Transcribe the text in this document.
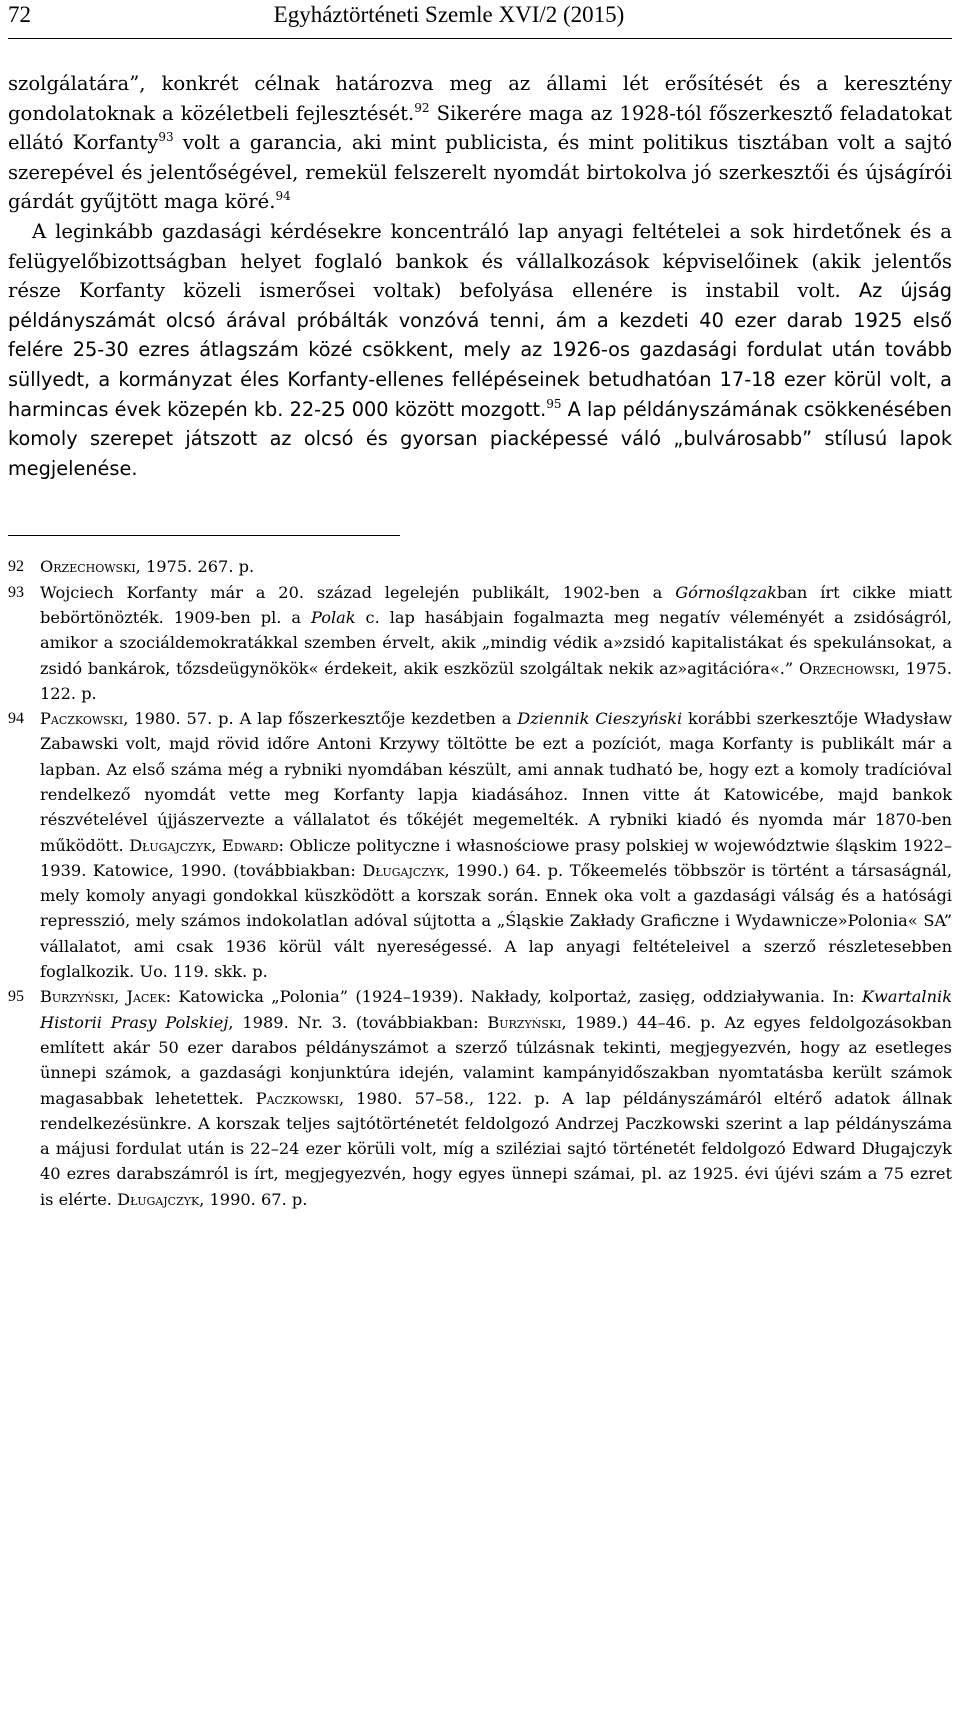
72	Egyháztörténeti Szemle XVI/2 (2015)

szolgálatára”, konkrét célnak határozva meg az állami lét erősítését és a keresztény gondolatoknak a közéletbeli fejlesztését.$^{92}$ Sikerére maga az 1928-tól főszerkesztő feladatokat ellátó Korfanty$^{93}$ volt a garancia, aki mint publicista, és mint politikus tisztában volt a sajtó szerepével és jelentőségével, remekül felszerelt nyomdát birtokolva jó szerkesztői és újságírói gárdát gyűjtött maga köré.$^{94}$

A leginkább gazdasági kérdésekre koncentráló lap anyagi feltételei a sok hirdetőnek és a felügyelőbizottságban helyet foglaló bankok és vállalkozások képviselőinek (akik jelentős része Korfanty közeli ismerősei voltak) befolyása ellenére is instabil volt. Az újság példányszámát olcsó árával próbálták vonzóvá tenni, ám a kezdeti 40 ezer darab 1925 első felére 25-30 ezres átlagszám közé csökkent, mely az 1926-os gazdasági fordulat után tovább süllyedt, a kormányzat éles Korfanty-ellenes fellépéseinek betudhatóan 17-18 ezer körül volt, a harmincas évek közepén kb. 22-25 000 között mozgott.$^{95}$ A lap példányszámának csökkenésében komoly szerepet játszott az olcsó és gyorsan piacképessé váló „bulvárosabb” stílusú lapok megjelenése.

92 Orzechowski, 1975. 267. p.
93 Wojciech Korfanty már a 20. század legelején publikált, 1902-ben a Górnoślązakban írt cikke miatt bebörtönözték. 1909-ben pl. a Polak c. lap hasábjain fogalmazta meg negatív véleményét a zsidóságról, amikor a szociáldemokratákkal szemben érvelt, akik „mindig védik a»zsidó kapitalistákat és spekulánsokat, a zsidó bankárok, tőzsdeügynökök« érdekeit, akik eszközül szolgáltak nekik az»agitációra«.” Orzechowski, 1975. 122. p.
94 Paczkowski, 1980. 57. p. A lap főszerkesztője kezdetben a Dziennik Cieszyński korábbi szerkesztője Władysław Zabawski volt, majd rövid időre Antoni Krzywy töltötte be ezt a pozíciót, maga Korfanty is publikált már a lapban. Az első száma még a rybniki nyomdában készült, ami annak tudható be, hogy ezt a komoly tradícióval rendelkező nyomdát vette meg Korfanty lapja kiadásához. Innen vitte át Katowicébe, majd bankok részvételével újjászervezte a vállalatot és tőkéjét megemelték. A rybniki kiadó és nyomda már 1870-ben működött. Długajczyk, Edward: Oblicze polityczne i własnościowe prasy polskiej w województwie śląskim 1922–1939. Katowice, 1990. (továbbiakban: Długajczyk, 1990.) 64. p. Tőkeemelés többször is történt a társaságnál, mely komoly anyagi gondokkal küszködött a korszak során. Ennek oka volt a gazdasági válság és a hatósági represszió, mely számos indokolatlan adóval sújtotta a „Śląskie Zakłady Graficzne i Wydawnicze»Polonia« SA” vállalatot, ami csak 1936 körül vált nyereségessé. A lap anyagi feltételeivel a szerző részletesebben foglalkozik. Uo. 119. skk. p.
95 Burzyński, Jacek: Katowicka „Polonia” (1924–1939). Nakłady, kolportaż, zasięg, oddziaływania. In: Kwartalnik Historii Prasy Polskiej, 1989. Nr. 3. (továbbiakban: Burzyński, 1989.) 44–46. p. Az egyes feldolgozásokban említett akár 50 ezer darabos példányszámot a szerző túlzásnak tekinti, megjegyezvén, hogy az esetleges ünnepi számok, a gazdasági konjunktúra idején, valamint kampányidőszakban nyomtatásba került számok magasabbak lehetettek. Paczkowski, 1980. 57–58., 122. p. A lap példányszámáról eltérő adatok állnak rendelkezésünkre. A korszak teljes sajtótörténetét feldolgozó Andrzej Paczkowski szerint a lap példányszáma a májusi fordulat után is 22–24 ezer körüli volt, míg a sziléziai sajtó történetét feldolgozó Edward Długajczyk 40 ezres darabszámról is írt, megjegyezvén, hogy egyes ünnepi számai, pl. az 1925. évi újévi szám a 75 ezret is elérte. Długajczyk, 1990. 67. p.
